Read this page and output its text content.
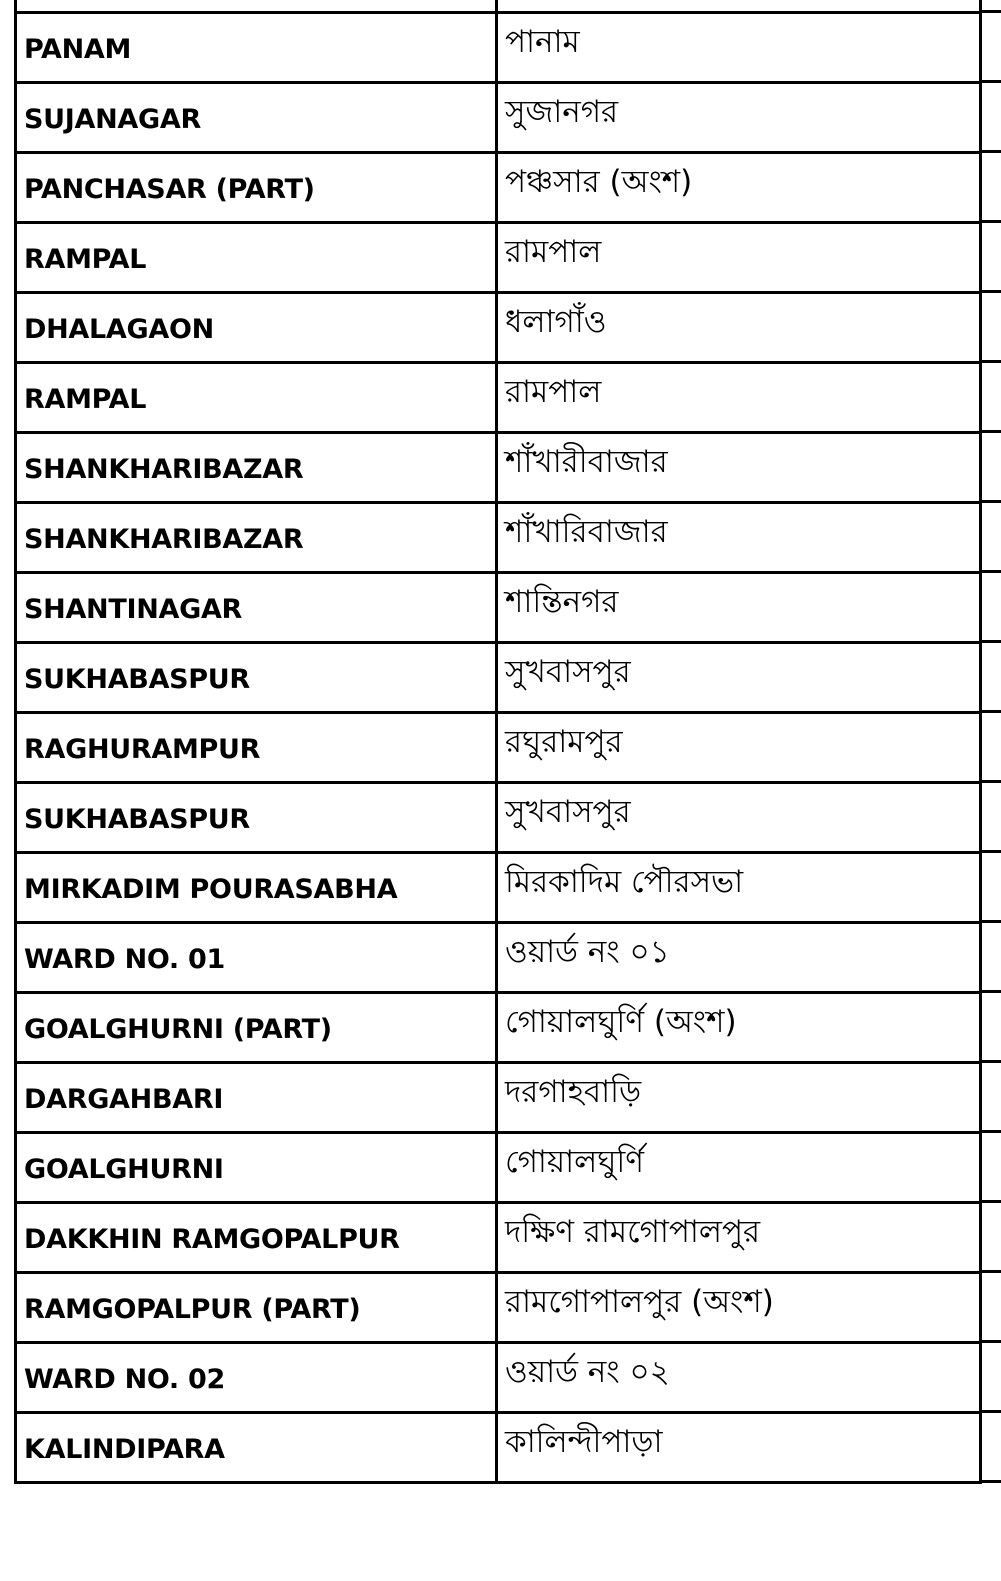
PANAM	পানাম
SUJANAGAR	সুজানগর
PANCHASAR (PART)	পঞ্চসার (অংশ)
RAMPAL	রামপাল
DHALAGAON	ধলাগাঁও
RAMPAL	রামপাল
SHANKHARIBAZAR	শাঁখারীবাজার
SHANKHARIBAZAR	শাঁখারিবাজার
SHANTINAGAR	শান্তিনগর
SUKHABASPUR	সুখবাসপুর
RAGHURAMPUR	রঘুরামপুর
SUKHABASPUR	সুখবাসপুর
MIRKADIM POURASABHA	মিরকাদিম পৌরসভা
WARD NO. 01	ওয়ার্ড নং ০১
GOALGHURNI (PART)	গোয়ালঘুর্ণি (অংশ)
DARGAHBARI	দরগাহবাড়ি
GOALGHURNI	গোয়ালঘুর্ণি
DAKKHIN RAMGOPALPUR	দক্ষিণ রামগোপালপুর
RAMGOPALPUR (PART)	রামগোপালপুর (অংশ)
WARD NO. 02	ওয়ার্ড নং ০২
KALINDIPARA	কালিন্দীপাড়া
